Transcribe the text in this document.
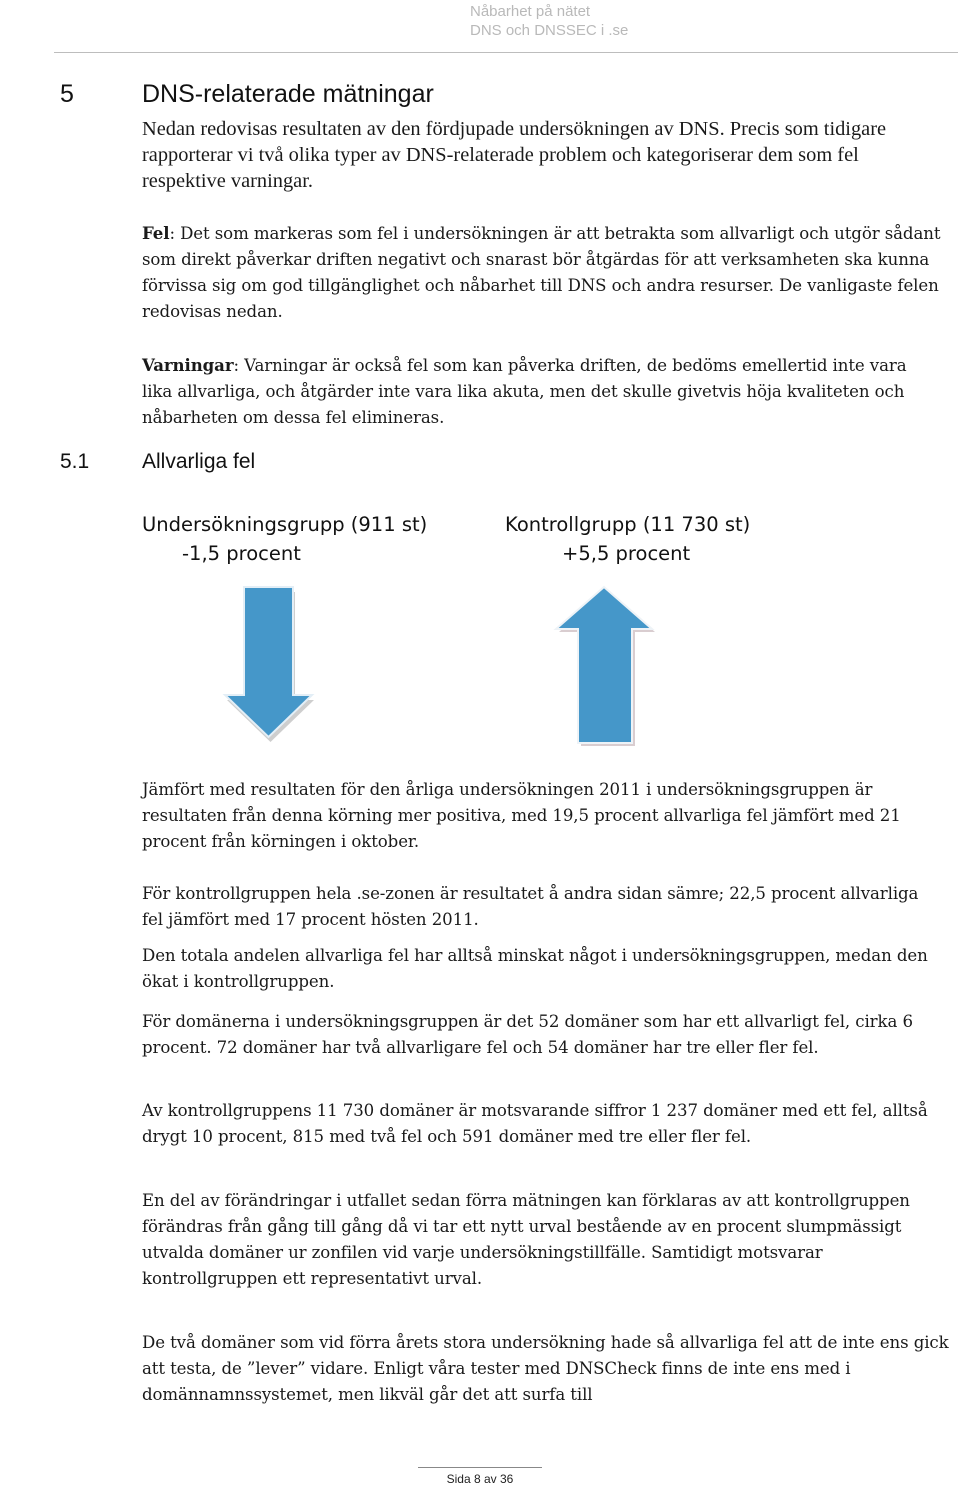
Nåbarhet på nätet
DNS och DNSSEC i .se
5	DNS-relaterade mätningar

Nedan redovisas resultaten av den fördjupade undersökningen av DNS. Precis som tidigare rapporterar vi två olika typer av DNS-relaterade problem och kategoriserar dem som fel respektive varningar.

Fel: Det som markeras som fel i undersökningen är att betrakta som allvarligt och utgör sådant som direkt påverkar driften negativt och snarast bör åtgärdas för att verksamheten ska kunna förvissa sig om god tillgänglighet och nåbarhet till DNS och andra resurser. De vanligaste felen redovisas nedan.

Varningar: Varningar är också fel som kan påverka driften, de bedöms emellertid inte vara lika allvarliga, och åtgärder inte vara lika akuta, men det skulle givetvis höja kvaliteten och nåbarheten om dessa fel elimineras.

5.1	Allvarliga fel
Undersökningsgrupp (911 st)
-1,5 procent
Kontrollgrupp (11 730 st)
+5,5 procent

Jämfört med resultaten för den årliga undersökningen 2011 i undersökningsgruppen är resultaten från denna körning mer positiva, med 19,5 procent allvarliga fel jämfört med 21 procent från körningen i oktober.

För kontrollgruppen hela .se-zonen är resultatet å andra sidan sämre; 22,5 procent allvarliga fel jämfört med 17 procent hösten 2011.

Den totala andelen allvarliga fel har alltså minskat något i undersökningsgruppen, medan den ökat i kontrollgruppen.

För domänerna i undersökningsgruppen är det 52 domäner som har ett allvarligt fel, cirka 6 procent. 72 domäner har två allvarligare fel och 54 domäner har tre eller fler fel.

Av kontrollgruppens 11 730 domäner är motsvarande siffror 1 237 domäner med ett fel, alltså drygt 10 procent, 815 med två fel och 591 domäner med tre eller fler fel.

En del av förändringar i utfallet sedan förra mätningen kan förklaras av att kontrollgruppen förändras från gång till gång då vi tar ett nytt urval bestående av en procent slumpmässigt utvalda domäner ur zonfilen vid varje undersökningstillfälle. Samtidigt motsvarar kontrollgruppen ett representativt urval.

De två domäner som vid förra årets stora undersökning hade så allvarliga fel att de inte ens gick att testa, de ”lever” vidare. Enligt våra tester med DNSCheck finns de inte ens med i domännamnssystemet, men likväl går det att surfa till

Sida 8 av 36
